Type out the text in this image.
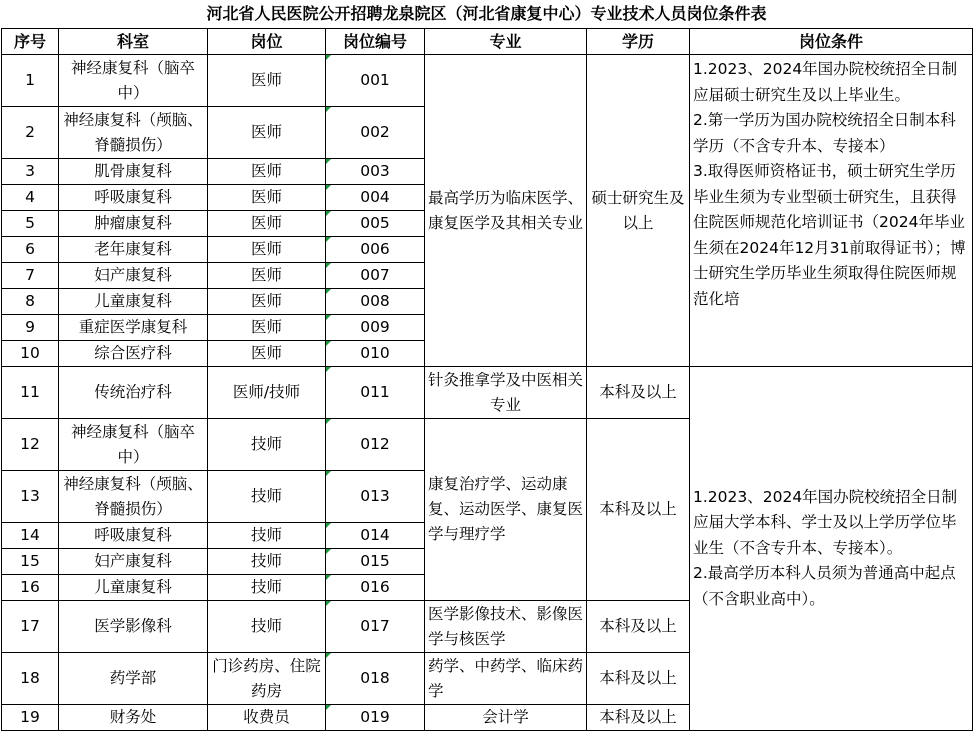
河北省人民医院公开招聘龙泉院区（河北省康复中心）专业技术人员岗位条件表
序号	科室	岗位	岗位编号	专业	学历	岗位条件
1	神经康复科（脑卒中）	医师	001	最高学历为临床医学、康复医学及其相关专业	硕士研究生及以上	1.2023、2024年国办院校统招全日制应届硕士研究生及以上毕业生。
2.第一学历为国办院校统招全日制本科学历（不含专升本、专接本）
3.取得医师资格证书，硕士研究生学历毕业生须为专业型硕士研究生，且获得住院医师规范化培训证书（2024年毕业生须在2024年12月31前取得证书）；博士研究生学历毕业生须取得住院医师规范化培

2	神经康复科（颅脑、脊髓损伤）	医师	002			
3	肌骨康复科	医师	003			
4	呼吸康复科	医师	004			
5	肿瘤康复科	医师	005			
6	老年康复科	医师	006			
7	妇产康复科	医师	007			
8	儿童康复科	医师	008			
9	重症医学康复科	医师	009			
10	综合医疗科	医师	010			
11	传统治疗科	医师/技师	011	针灸推拿学及中医相关专业	本科及以上	1.2023、2024年国办院校统招全日制应届大学本科、学士及以上学历学位毕业生（不含专升本、专接本）。
2.最高学历本科人员须为普通高中起点（不含职业高中）。

12	神经康复科（脑卒中）	技师	012	康复治疗学、运动康复、运动医学、康复医学与理疗学	本科及以上	
13	神经康复科（颅脑、脊髓损伤）	技师	013			
14	呼吸康复科	技师	014			
15	妇产康复科	技师	015			
16	儿童康复科	技师	016			
17	医学影像科	技师	017	医学影像技术、影像医学与核医学	本科及以上	
18	药学部	门诊药房、住院药房	018	药学、中药学、临床药学	本科及以上	
19	财务处	收费员	019	会计学	本科及以上	
